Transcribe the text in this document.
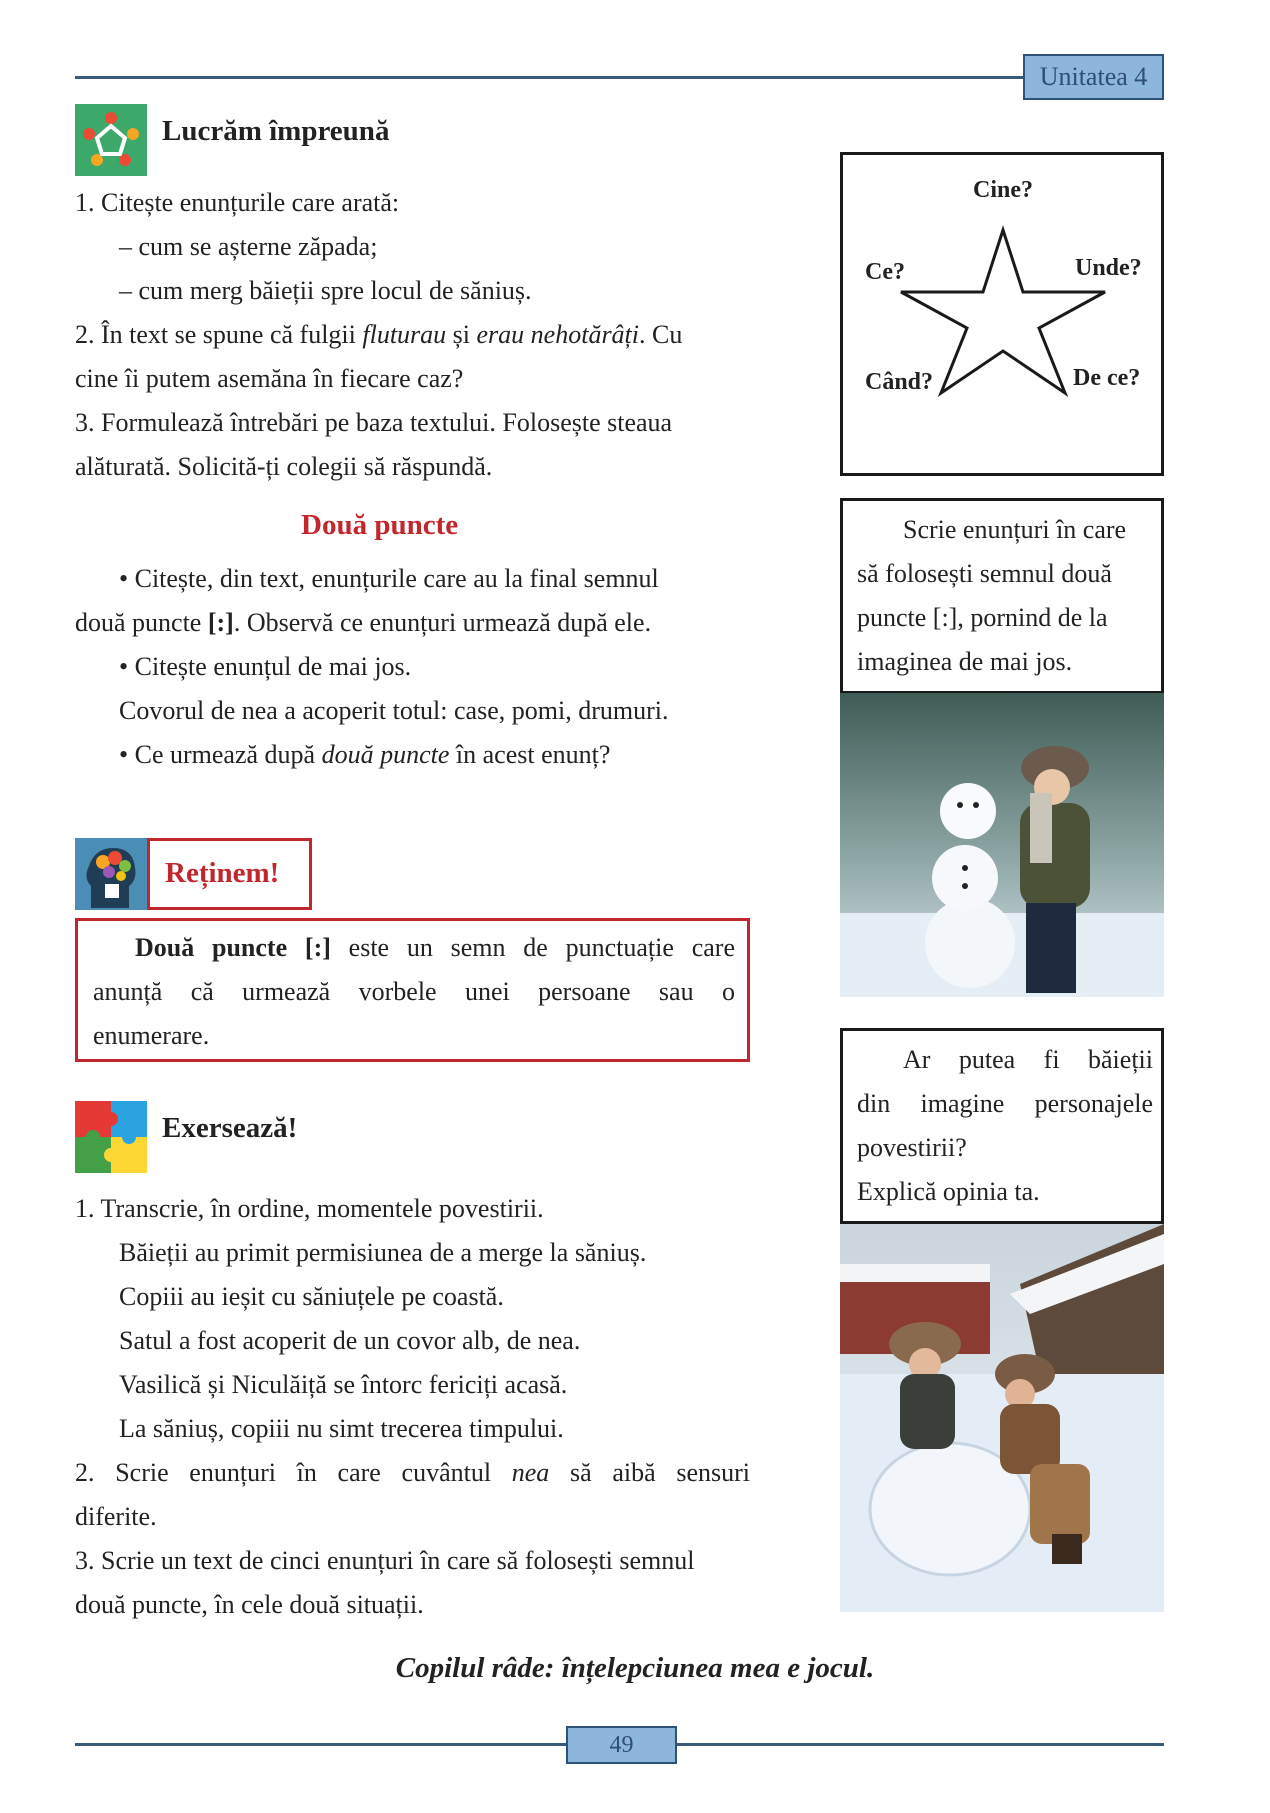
Unitatea 4
Lucrăm împreună
1. Citește enunțurile care arată:
– cum se așterne zăpada;
– cum merg băieții spre locul de săniuș.
2. În text se spune că fulgii fluturau și erau nehotărâți. Cu
cine îi putem asemăna în fiecare caz?
3. Formulează întrebări pe baza textului. Folosește steaua
alăturată. Solicită-ți colegii să răspundă.
Cine?
Ce?	Unde?
Când?	De ce?
Două puncte
• Citește, din text, enunțurile care au la final semnul
două puncte [:]. Observă ce enunțuri urmează după ele.
• Citește enunțul de mai jos.
Covorul de nea a acoperit totul: case, pomi, drumuri.
• Ce urmează după două puncte în acest enunț?
Scrie enunțuri în care
să folosești semnul două
puncte [:], pornind de la
imaginea de mai jos.
Reținem!
Două puncte [:] este un semn de punctuație care
anunță că urmează vorbele unei persoane sau o
enumerare.
Ar putea fi băieții
din imagine personajele
povestirii?
Explică opinia ta.
Exersează!
1. Transcrie, în ordine, momentele povestirii.
Băieții au primit permisiunea de a merge la săniuș.
Copiii au ieșit cu săniuțele pe coastă.
Satul a fost acoperit de un covor alb, de nea.
Vasilică și Niculăiță se întorc fericiți acasă.
La săniuș, copiii nu simt trecerea timpului.
2. Scrie enunțuri în care cuvântul nea să aibă sensuri
diferite.
3. Scrie un text de cinci enunțuri în care să folosești semnul
două puncte, în cele două situații.
Copilul râde: înțelepciunea mea e jocul.
49
